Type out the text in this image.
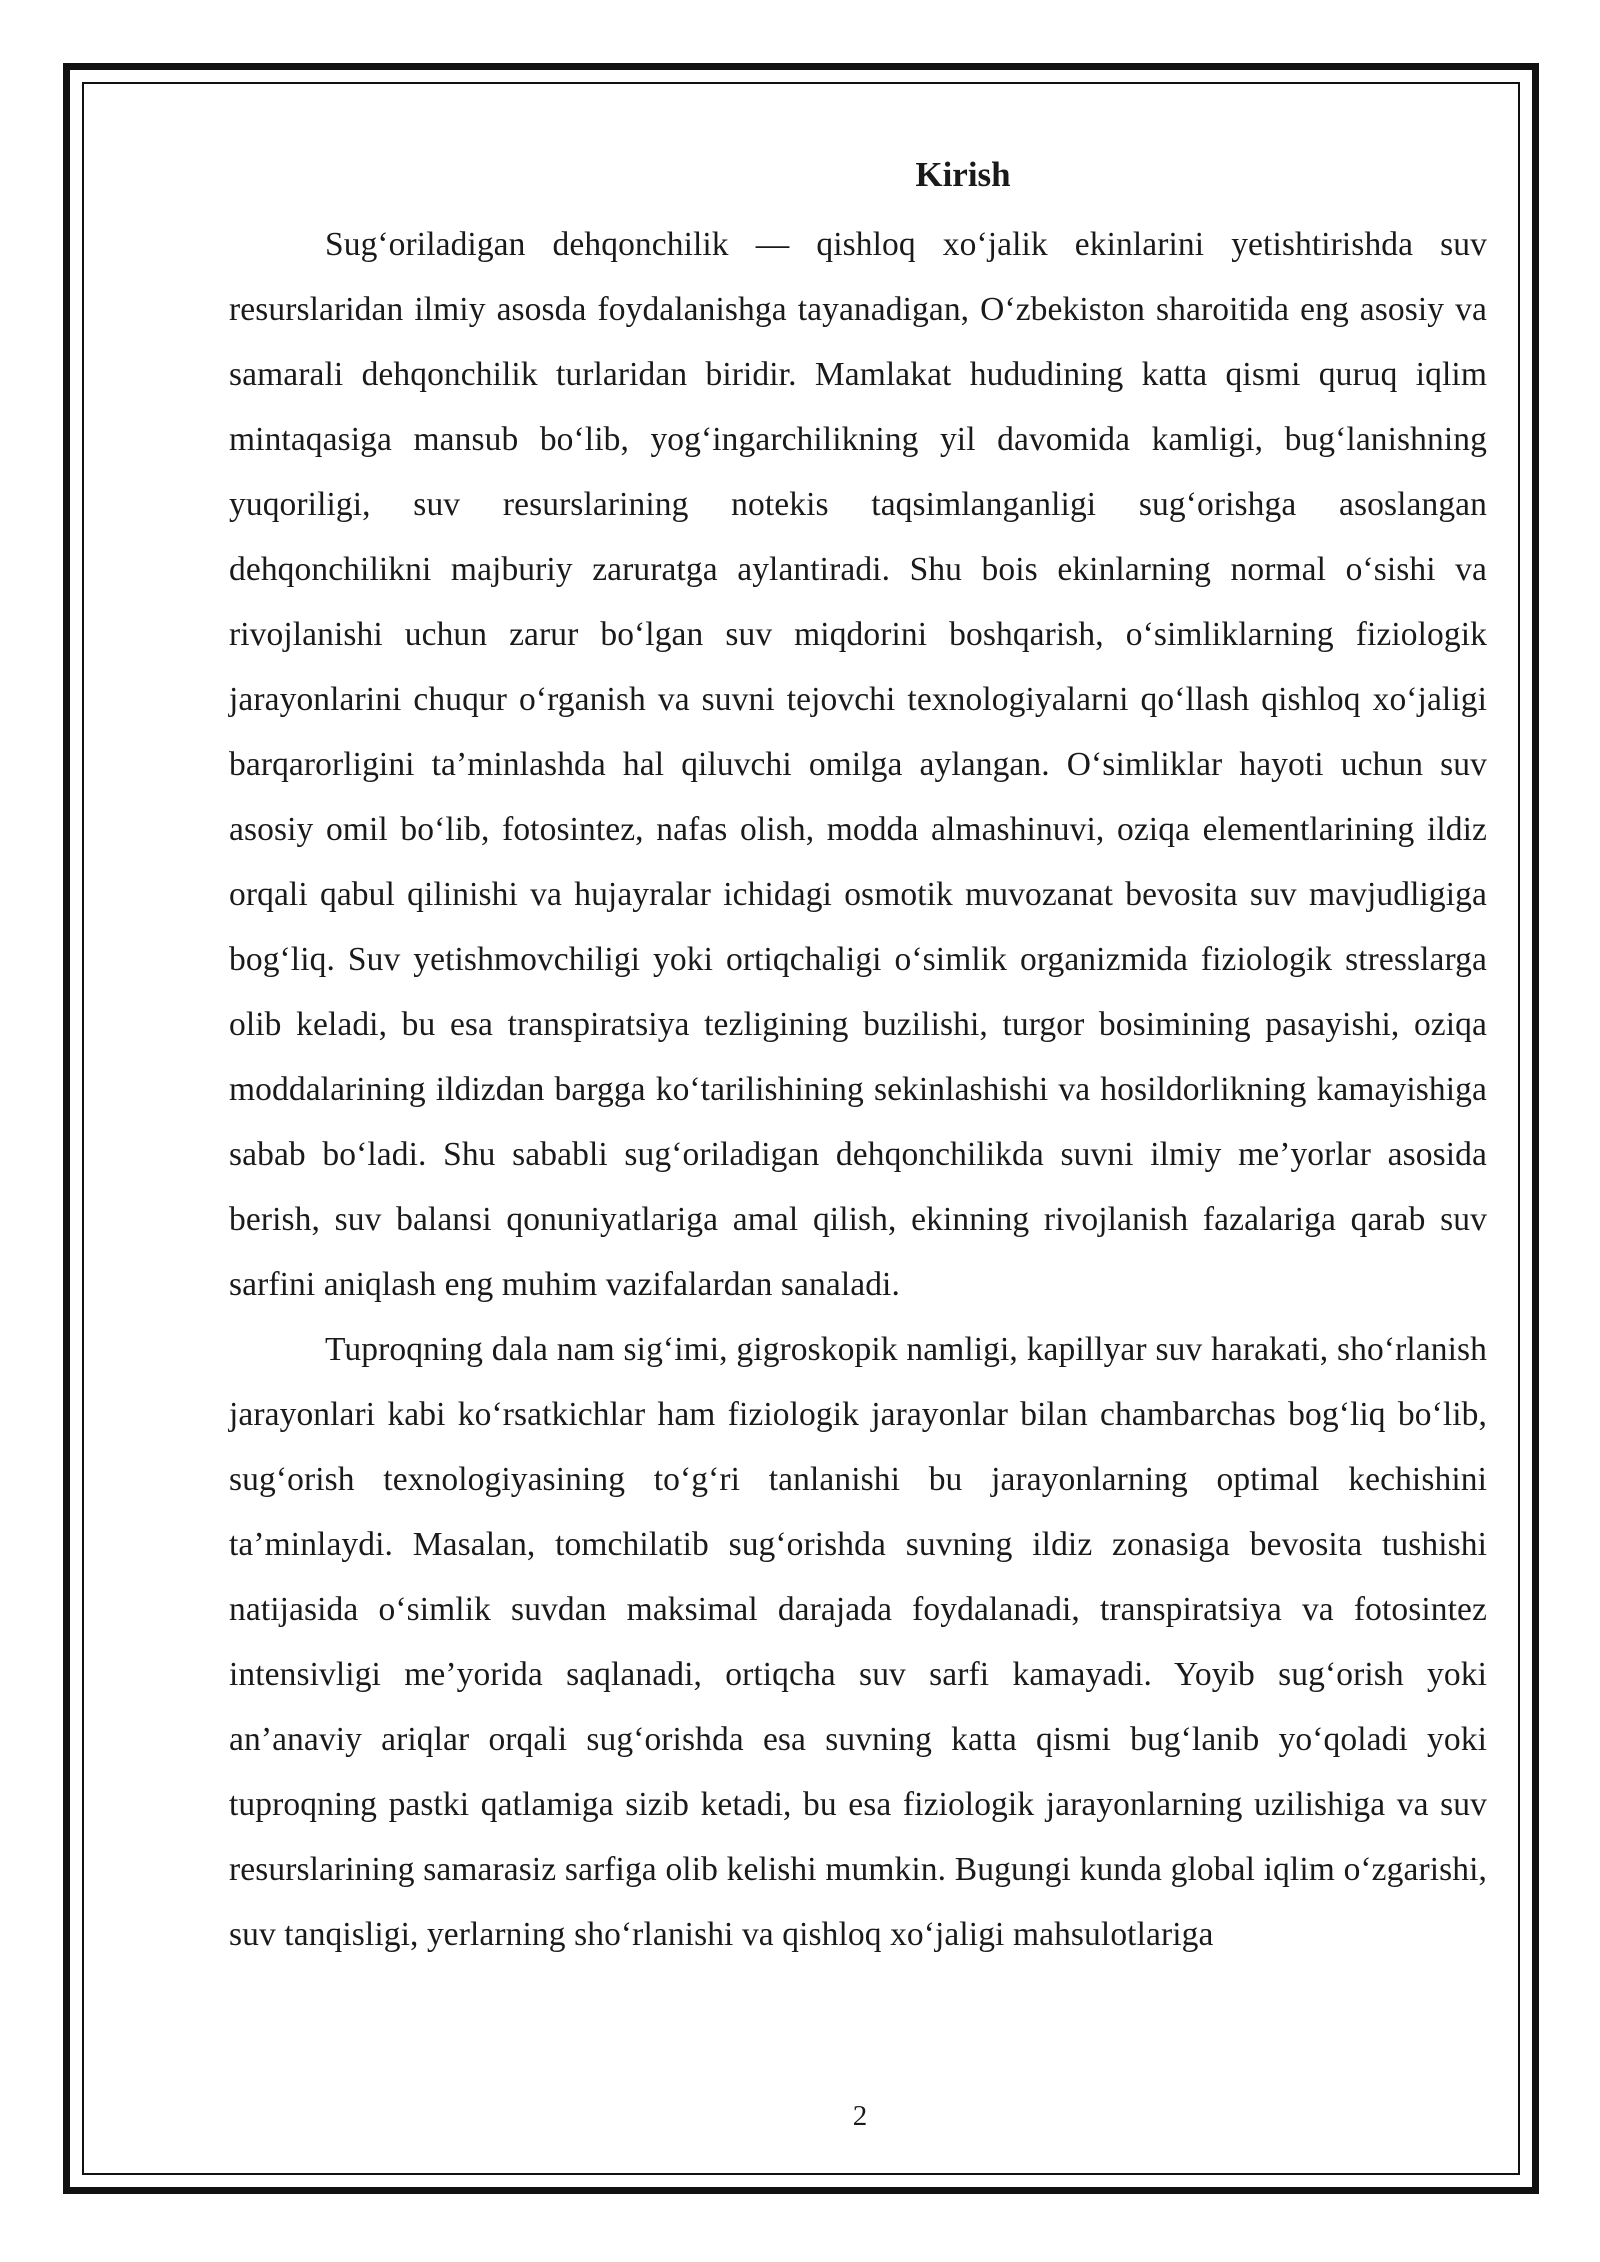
Kirish

Sug‘oriladigan dehqonchilik — qishloq xo‘jalik ekinlarini yetishtirishda suv resurslaridan ilmiy asosda foydalanishga tayanadigan, O‘zbekiston sharoitida eng asosiy va samarali dehqonchilik turlaridan biridir. Mamlakat hududining katta qismi quruq iqlim mintaqasiga mansub bo‘lib, yog‘ingarchilikning yil davomida kamligi, bug‘lanishning yuqoriligi, suv resurslarining notekis taqsimlanganligi sug‘orishga asoslangan dehqonchilikni majburiy zaruratga aylantiradi. Shu bois ekinlarning normal o‘sishi va rivojlanishi uchun zarur bo‘lgan suv miqdorini boshqarish, o‘simliklarning fiziologik jarayonlarini chuqur o‘rganish va suvni tejovchi texnologiyalarni qo‘llash qishloq xo‘jaligi barqarorligini ta’minlashda hal qiluvchi omilga aylangan. O‘simliklar hayoti uchun suv asosiy omil bo‘lib, fotosintez, nafas olish, modda almashinuvi, oziqa elementlarining ildiz orqali qabul qilinishi va hujayralar ichidagi osmotik muvozanat bevosita suv mavjudligiga bog‘liq. Suv yetishmovchiligi yoki ortiqchaligi o‘simlik organizmida fiziologik stresslarga olib keladi, bu esa transpiratsiya tezligining buzilishi, turgor bosimining pasayishi, oziqa moddalarining ildizdan barggа ko‘tarilishining sekinlashishi va hosildorlikning kamayishiga sabab bo‘ladi. Shu sababli sug‘oriladigan dehqonchilikda suvni ilmiy me’yorlar asosida berish, suv balansi qonuniyatlariga amal qilish, ekinning rivojlanish fazalariga qarab suv sarfini aniqlash eng muhim vazifalardan sanaladi.

Tuproqning dala nam sig‘imi, gigroskopik namligi, kapillyar suv harakati, sho‘rlanish jarayonlari kabi ko‘rsatkichlar ham fiziologik jarayonlar bilan chambarchas bog‘liq bo‘lib, sug‘orish texnologiyasining to‘g‘ri tanlanishi bu jarayonlarning optimal kechishini ta’minlaydi. Masalan, tomchilatib sug‘orishda suvning ildiz zonasiga bevosita tushishi natijasida o‘simlik suvdan maksimal darajada foydalanadi, transpiratsiya va fotosintez intensivligi me’yorida saqlanadi, ortiqcha suv sarfi kamayadi. Yoyib sug‘orish yoki an’anaviy ariqlar orqali sug‘orishda esa suvning katta qismi bug‘lanib yo‘qoladi yoki tuproqning pastki qatlamiga sizib ketadi, bu esa fiziologik jarayonlarning uzilishiga va suv resurslarining samarasiz sarfiga olib kelishi mumkin. Bugungi kunda global iqlim o‘zgarishi, suv tanqisligi, yerlarning sho‘rlanishi va qishloq xo‘jaligi mahsulotlariga

2
